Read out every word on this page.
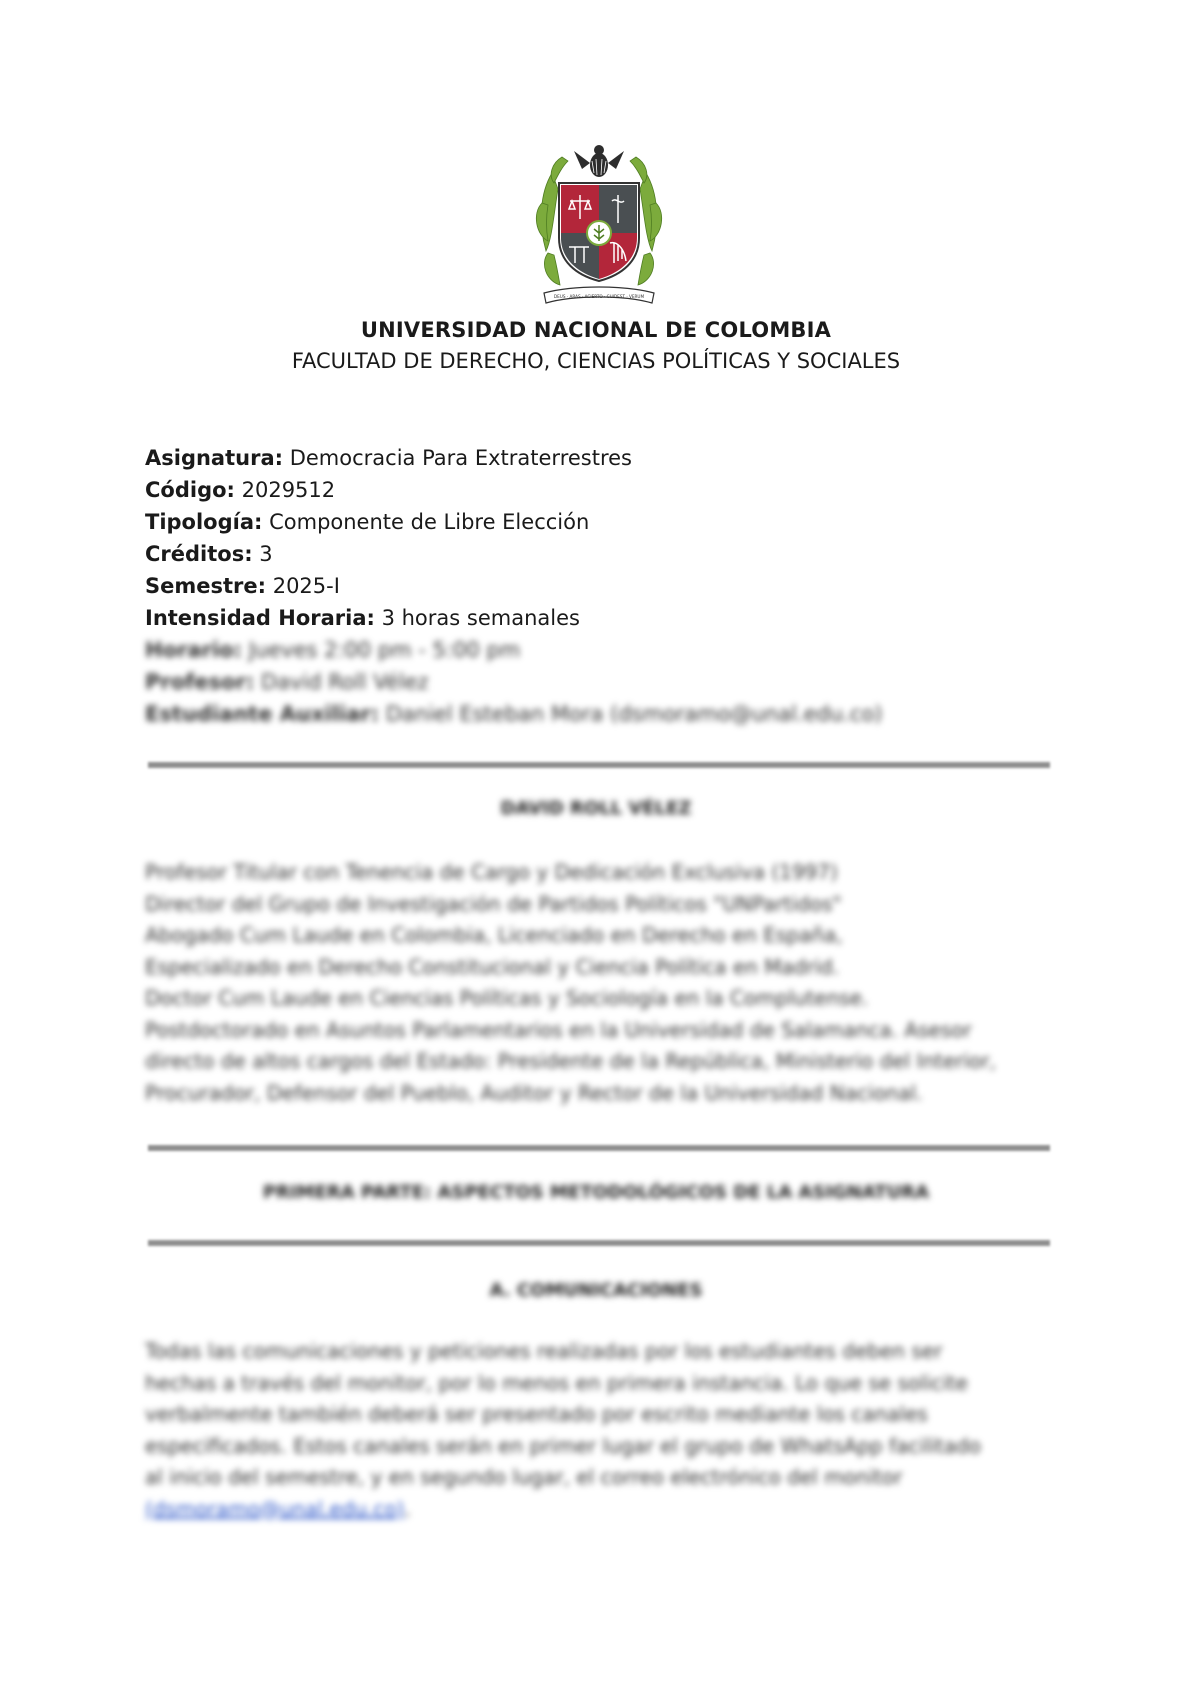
DEUS · ARAS · ACIERTO · CUIDEST · VERUM
UNIVERSIDAD NACIONAL DE COLOMBIA
FACULTAD DE DERECHO, CIENCIAS POLÍTICAS Y SOCIALES
Asignatura: Democracia Para Extraterrestres
Código: 2029512
Tipología: Componente de Libre Elección
Créditos: 3
Semestre: 2025-I
Intensidad Horaria: 3 horas semanales
Horario: Jueves 2:00 pm - 5:00 pm
Profesor: David Roll Vélez
Estudiante Auxiliar: Daniel Esteban Mora (dsmoramo@unal.edu.co)
DAVID ROLL VÉLEZ
Profesor Titular con Tenencia de Cargo y Dedicación Exclusiva (1997)
Director del Grupo de Investigación de Partidos Políticos "UNPartidos"
Abogado Cum Laude en Colombia, Licenciado en Derecho en España,
Especializado en Derecho Constitucional y Ciencia Política en Madrid.
Doctor Cum Laude en Ciencias Políticas y Sociología en la Complutense.
Postdoctorado en Asuntos Parlamentarios en la Universidad de Salamanca. Asesor
directo de altos cargos del Estado: Presidente de la República, Ministerio del Interior,
Procurador, Defensor del Pueblo, Auditor y Rector de la Universidad Nacional.
PRIMERA PARTE: ASPECTOS METODOLÓGICOS DE LA ASIGNATURA
A. COMUNICACIONES
Todas las comunicaciones y peticiones realizadas por los estudiantes deben ser
hechas a través del monitor, por lo menos en primera instancia. Lo que se solicite
verbalmente también deberá ser presentado por escrito mediante los canales
especificados. Estos canales serán en primer lugar el grupo de WhatsApp facilitado
al inicio del semestre, y en segundo lugar, el correo electrónico del monitor
(dsmoramo@unal.edu.co).
